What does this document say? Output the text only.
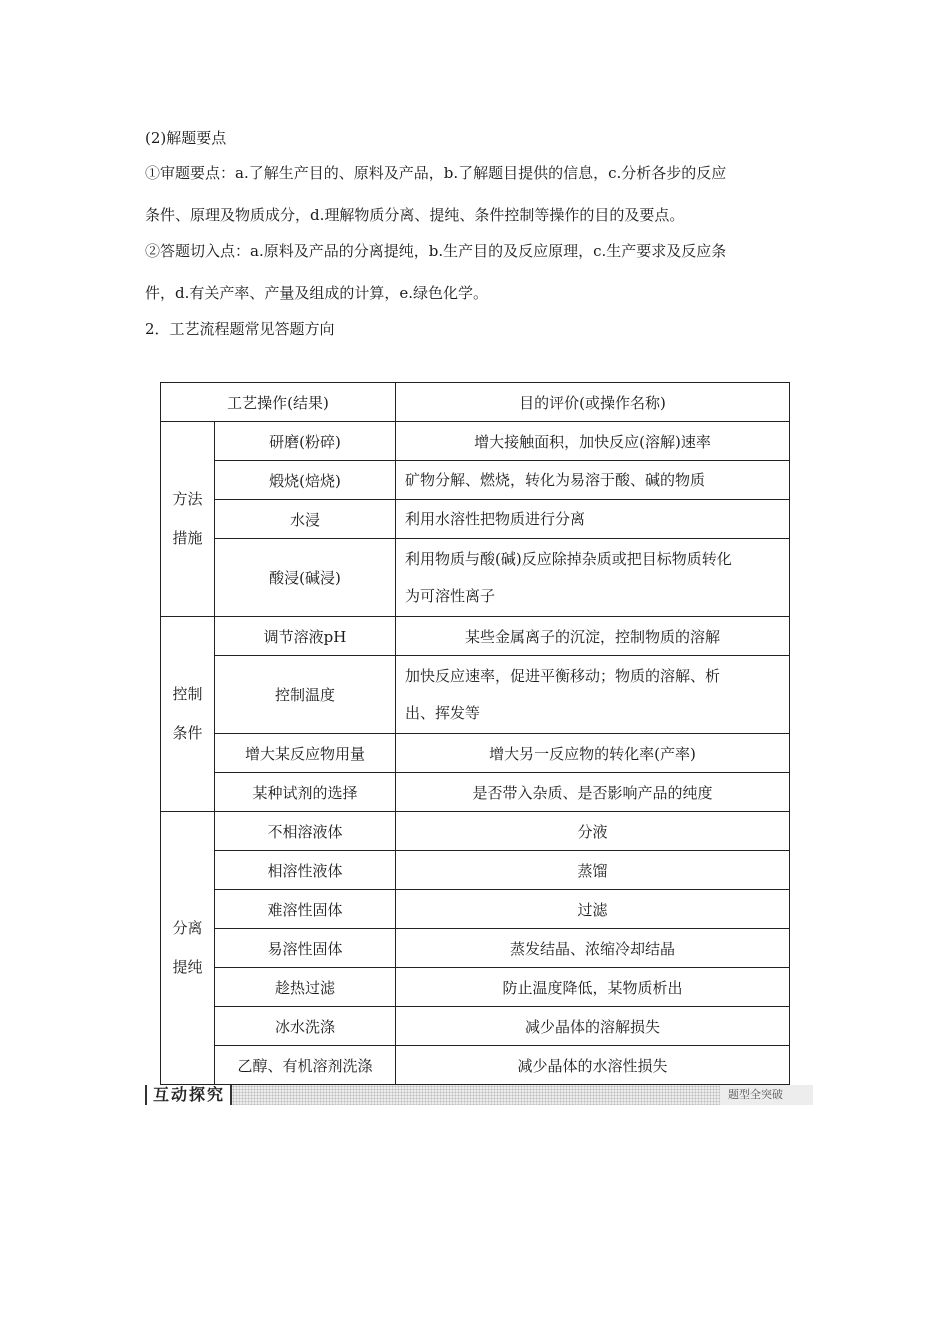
(2)解题要点
①审题要点：a.了解生产目的、原料及产品，b.了解题目提供的信息，c.分析各步的反应
条件、原理及物质成分，d.理解物质分离、提纯、条件控制等操作的目的及要点。
②答题切入点：a.原料及产品的分离提纯，b.生产目的及反应原理，c.生产要求及反应条
件，d.有关产率、产量及组成的计算，e.绿色化学。
2．工艺流程题常见答题方向
工艺操作(结果)		目的评价(或操作名称)
方法
措施	研磨(粉碎)	增大接触面积，加快反应(溶解)速率
	煅烧(焙烧)	矿物分解、燃烧，转化为易溶于酸、碱的物质
	水浸	利用水溶性把物质进行分离
	酸浸(碱浸)	利用物质与酸(碱)反应除掉杂质或把目标物质转化
为可溶性离子
控制
条件	调节溶液pH	某些金属离子的沉淀，控制物质的溶解
	控制温度	加快反应速率，促进平衡移动；物质的溶解、析
出、挥发等
	增大某反应物用量	增大另一反应物的转化率(产率)
	某种试剂的选择	是否带入杂质、是否影响产品的纯度
分离
提纯	不相溶液体	分液
	相溶性液体	蒸馏
	难溶性固体	过滤
	易溶性固体	蒸发结晶、浓缩冷却结晶
	趁热过滤	防止温度降低，某物质析出
	冰水洗涤	减少晶体的溶解损失
	乙醇、有机溶剂洗涤	减少晶体的水溶性损失
互动探究	题型全突破
